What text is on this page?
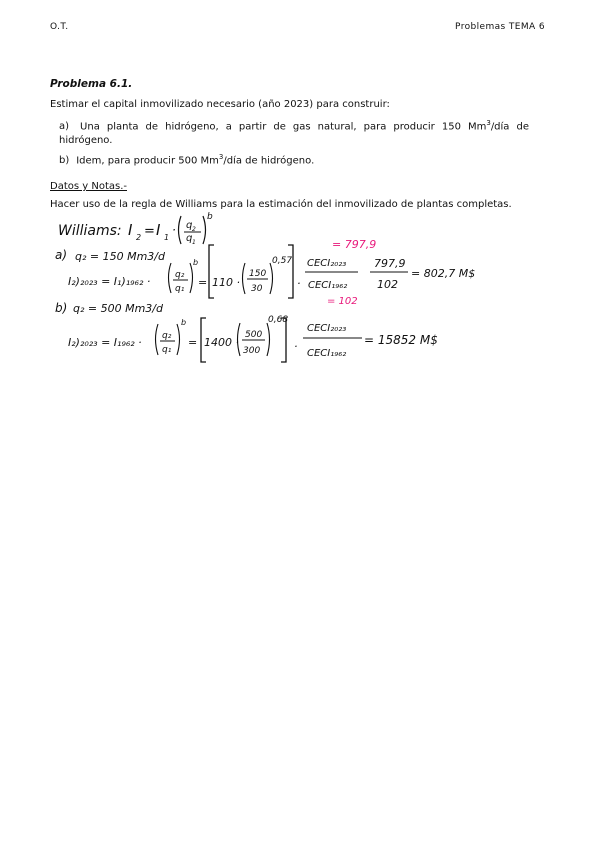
O.T.	Problemas TEMA 6
Problema 6.1.
Estimar el capital inmovilizado necesario (año 2023) para construir:
a) Una planta de hidrógeno, a partir de gas natural, para producir 150 Mm$^3$/día de hidrógeno.
b) Idem, para producir 500 Mm$^3$/día de hidrógeno.
Datos y Notas.-
Hacer uso de la regla de Williams para la estimación del inmovilizado de plantas completas.
Williams: I 2 = I 1
· q 2
q 1
b
a) q₂ = 150 Mm3/d
I₂)₂₀₂₃ = I₁)₁₉₆₂ ·	q₂
q₁
b
= 110 ·
150
30
0,57
·
CECI₂₀₂₃
CECI₁₉₆₂
= 797,9
= 102
797,9
102
= 802,7 M$
b) q₂ = 500 Mm3/d
I₂)₂₀₂₃ = I₁₉₆₂ · q₂
q₁
b
= 1400 ·
500
300
0,68
·
CECI₂₀₂₃
CECI₁₉₆₂
= 15852 M$
